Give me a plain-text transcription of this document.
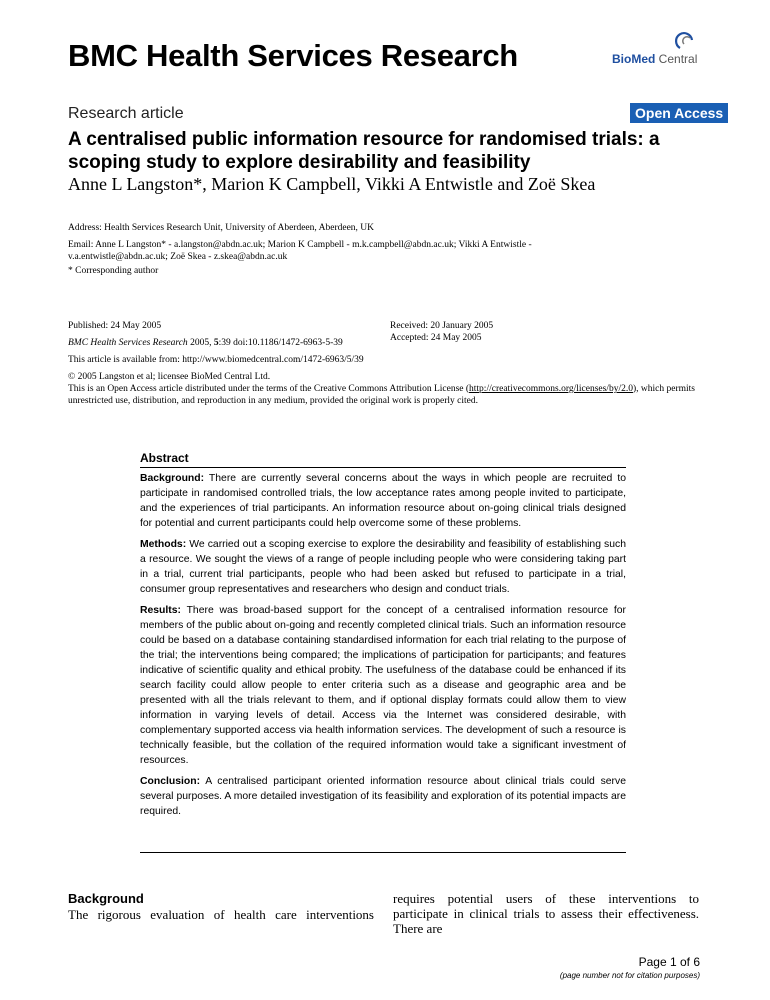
BMC Health Services Research	BioMed Central
Research article	Open Access
A centralised public information resource for randomised trials: a scoping study to explore desirability and feasibility
Anne L Langston*, Marion K Campbell, Vikki A Entwistle and Zoë Skea
Address: Health Services Research Unit, University of Aberdeen, Aberdeen, UK
Email: Anne L Langston* - a.langston@abdn.ac.uk; Marion K Campbell - m.k.campbell@abdn.ac.uk; Vikki A Entwistle - v.a.entwistle@abdn.ac.uk; Zoë Skea - z.skea@abdn.ac.uk
* Corresponding author
Published: 24 May 2005
BMC Health Services Research 2005, 5:39 doi:10.1186/1472-6963-5-39
Received: 20 January 2005
Accepted: 24 May 2005
This article is available from: http://www.biomedcentral.com/1472-6963/5/39
© 2005 Langston et al; licensee BioMed Central Ltd.
This is an Open Access article distributed under the terms of the Creative Commons Attribution License (http://creativecommons.org/licenses/by/2.0), which permits unrestricted use, distribution, and reproduction in any medium, provided the original work is properly cited.
Abstract

Background: There are currently several concerns about the ways in which people are recruited to participate in randomised controlled trials, the low acceptance rates among people invited to participate, and the experiences of trial participants. An information resource about on-going clinical trials designed for potential and current participants could help overcome some of these problems.

Methods: We carried out a scoping exercise to explore the desirability and feasibility of establishing such a resource. We sought the views of a range of people including people who were considering taking part in a trial, current trial participants, people who had been asked but refused to participate in a trial, consumer group representatives and researchers who design and conduct trials.

Results: There was broad-based support for the concept of a centralised information resource for members of the public about on-going and recently completed clinical trials. Such an information resource could be based on a database containing standardised information for each trial relating to the purpose of the trial; the interventions being compared; the implications of participation for participants; and features indicative of scientific quality and ethical probity. The usefulness of the database could be enhanced if its search facility could allow people to enter criteria such as a disease and geographic area and be presented with all the trials relevant to them, and if optional display formats could allow them to view information in varying levels of detail. Access via the Internet was considered desirable, with complementary supported access via health information services. The development of such a resource is technically feasible, but the collation of the required information would take a significant investment of resources.

Conclusion: A centralised participant oriented information resource about clinical trials could serve several purposes. A more detailed investigation of its feasibility and exploration of its potential impacts are required.

Background
The rigorous evaluation of health care interventions
requires potential users of these interventions to participate in clinical trials to assess their effectiveness. There are
Page 1 of 6
(page number not for citation purposes)
